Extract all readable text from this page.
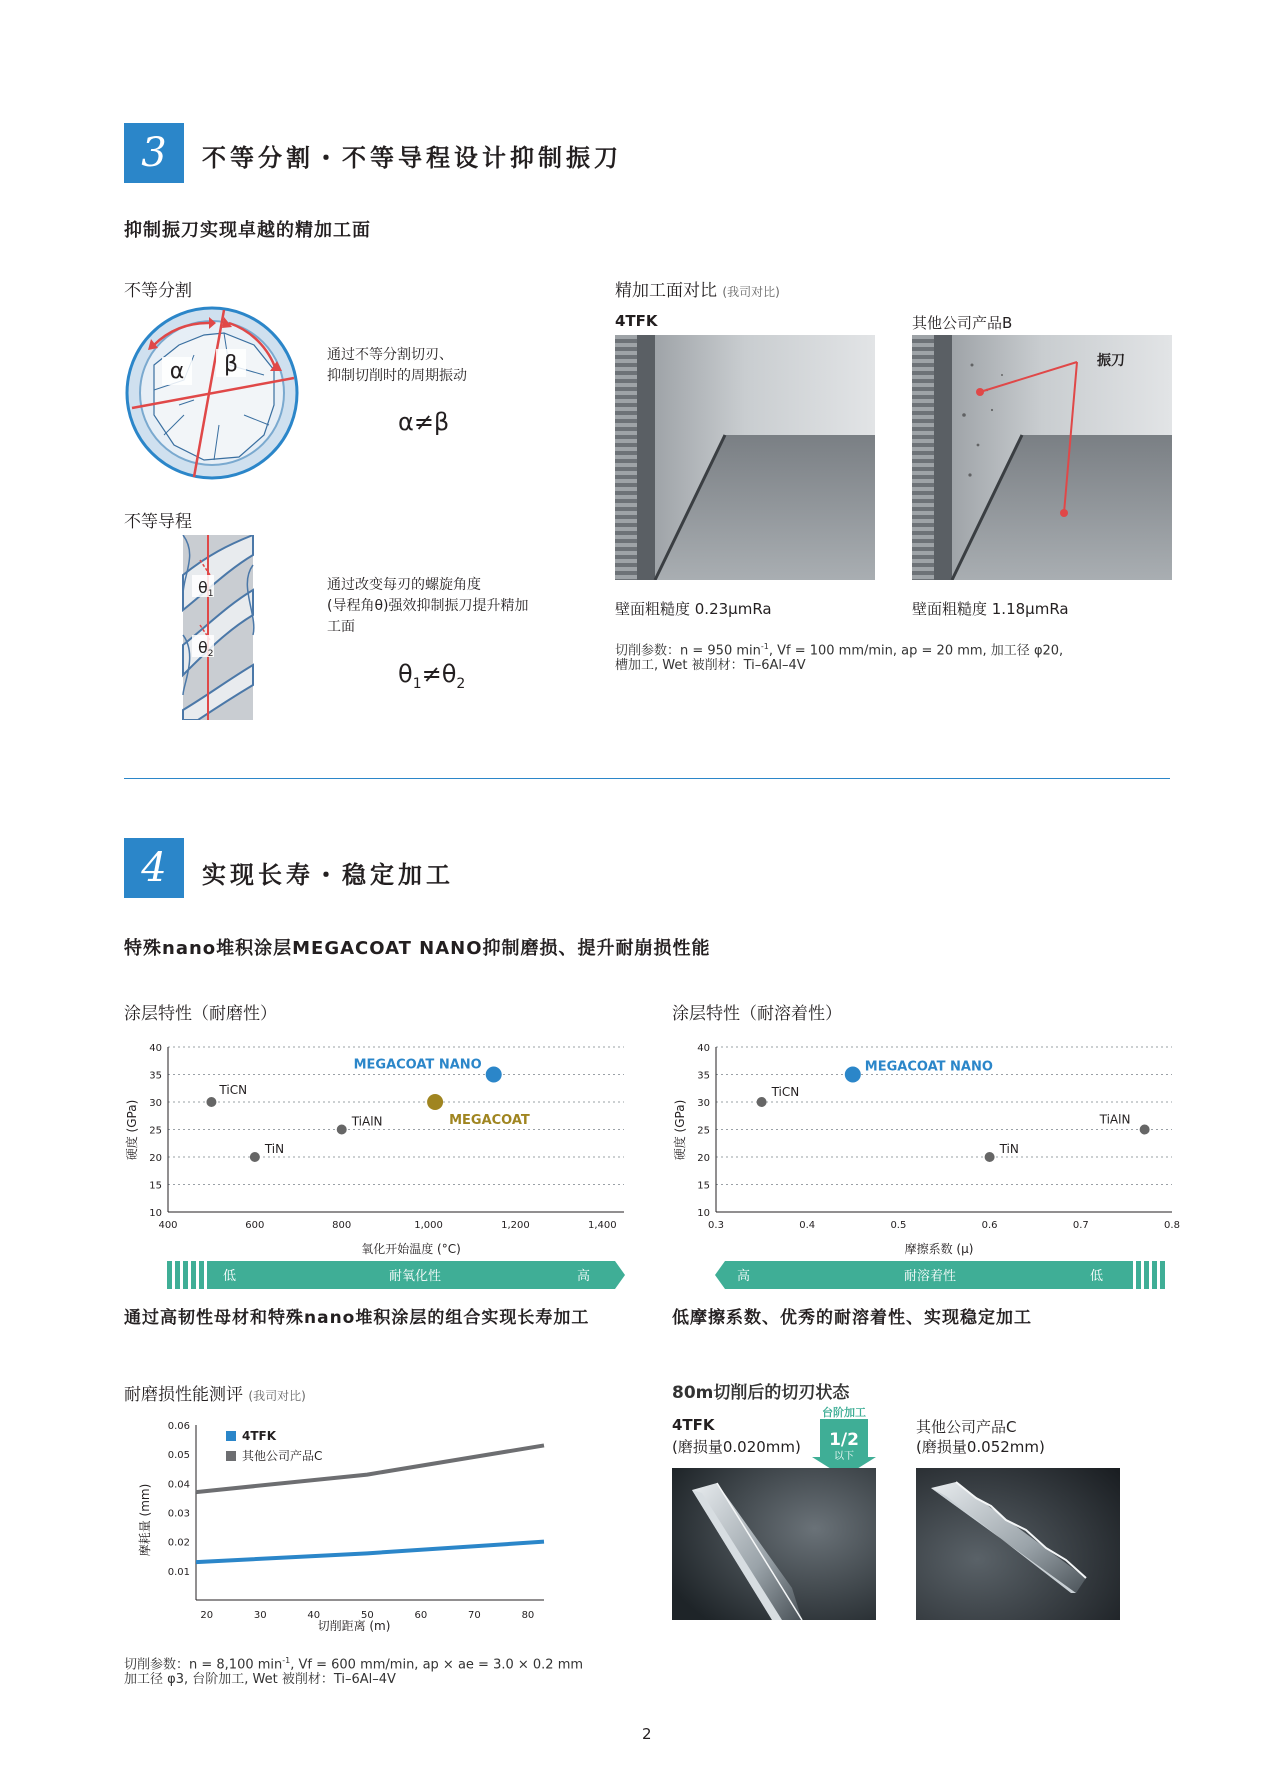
3	不等分割・不等导程设计抑制振刀
抑制振刀实现卓越的精加工面
不等分割
α β	通过不等分割切刃、
抑制切削时的周期振动
α≠β
不等导程
θ1
θ2
通过改变每刃的螺旋角度
(导程角θ)强效抑制振刀提升精加
工面
$\theta_1\ne\theta_2$
精加工面对比 (我司对比)
4TFK	其他公司产品B
振刀
壁面粗糙度 0.23μmRa	壁面粗糙度 1.18μmRa
切削参数：n = 950 $\min^{-1}$, Vf = 100 mm/min, ap = 20 mm, 加工径 φ20,
槽加工, Wet 被削材：Ti–6Al–4V
4	实现长寿・稳定加工
特殊nano堆积涂层MEGACOAT NANO抑制磨损、提升耐崩损性能
涂层特性（耐磨性）	涂层特性（耐溶着性）
400	600	800	1,000	1,200	1,400
10
15
20
25
30
35
40
TiCN
TiN
TiAlN	MEGACOAT
MEGACOAT NANO
氧化开始温度 (°C)
硬度 (GPa)
0.3	0.4	0.5	0.6	0.7	0.8
10
15
20
25
30
35
40
TiCN
MEGACOAT NANO
TiN
TiAlN
摩擦系数 (μ)
硬度 (GPa)
低	耐氧化性	高	高	耐溶着性	低
通过高韧性母材和特殊nano堆积涂层的组合实现长寿加工	低摩擦系数、优秀的耐溶着性、实现稳定加工
耐磨损性能测评 (我司对比)
20	30	40	50	60	70	80
0.01
0.02
0.03
0.04
0.05
0.06
4TFK
其他公司产品C
切削距离 (m)
摩耗量 (mm)
切削参数：n = 8,100 $\min^{-1}$, Vf = 600 mm/min, ap × ae = 3.0 × 0.2 mm
加工径 φ3, 台阶加工, Wet 被削材：Ti–6Al–4V
80m切削后的切刃状态
4TFK
(磨损量0.020mm)
其他公司产品C
(磨损量0.052mm)
台阶加工
1/2
以下
2
